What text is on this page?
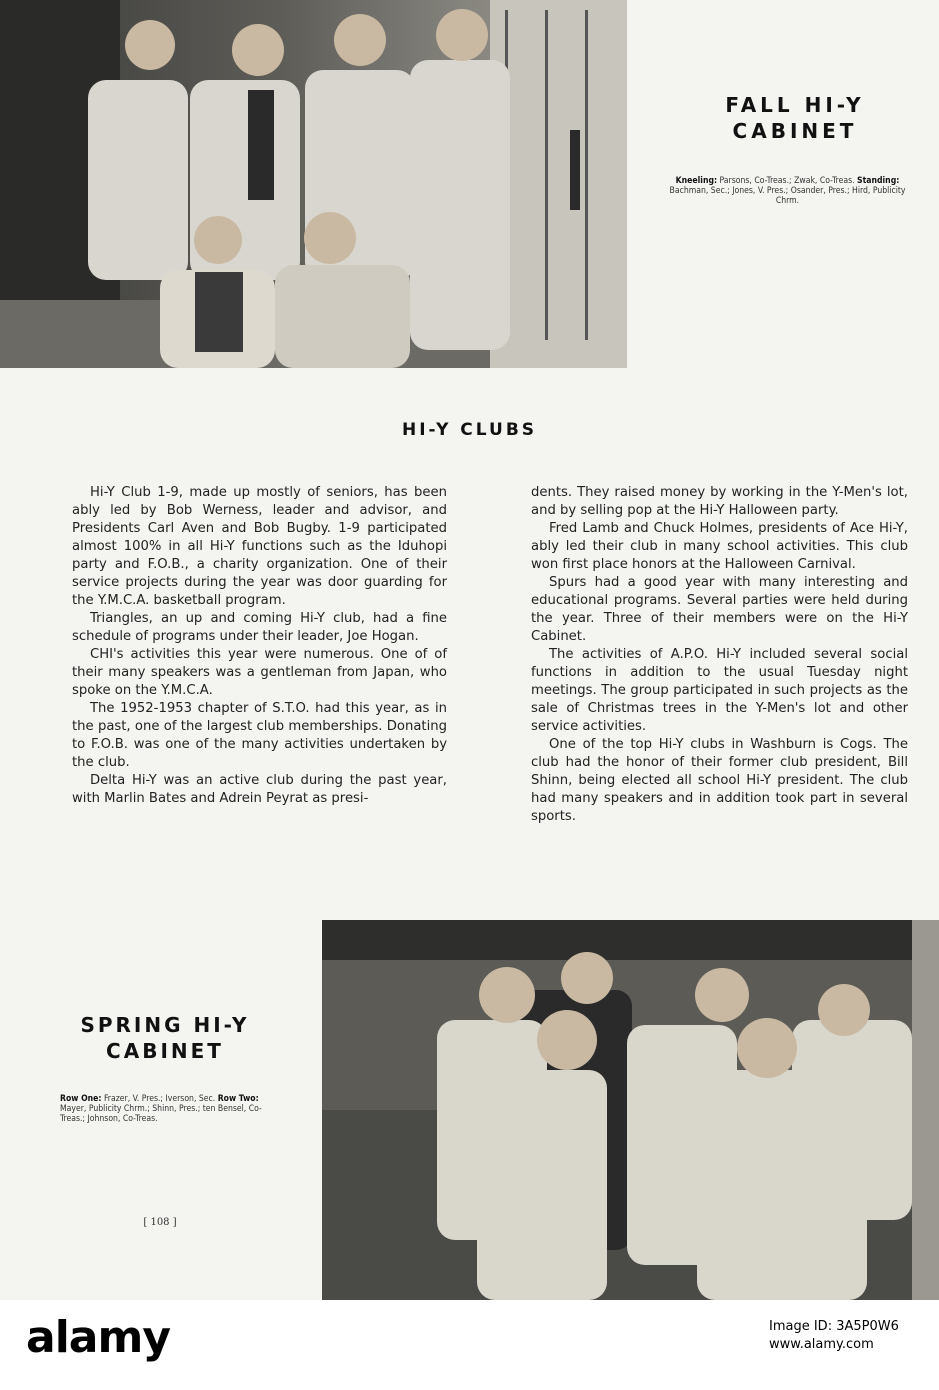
FALL HI-Y CABINET
Kneeling: Parsons, Co-Treas.; Zwak, Co-Treas. Standing: Bachman, Sec.; Jones, V. Pres.; Osander, Pres.; Hird, Publicity Chrm.
HI-Y CLUBS

Hi-Y Club 1-9, made up mostly of seniors, has been ably led by Bob Werness, leader and advisor, and Presidents Carl Aven and Bob Bugby. 1-9 participated almost 100% in all Hi-Y functions such as the Iduhopi party and F.O.B., a charity organization. One of their service projects during the year was door guarding for the Y.M.C.A. basketball program.

Triangles, an up and coming Hi-Y club, had a fine schedule of programs under their leader, Joe Hogan.

CHI's activities this year were numerous. One of of their many speakers was a gentleman from Japan, who spoke on the Y.M.C.A.

The 1952-1953 chapter of S.T.O. had this year, as in the past, one of the largest club memberships. Donating to F.O.B. was one of the many activities undertaken by the club.

Delta Hi-Y was an active club during the past year, with Marlin Bates and Adrein Peyrat as presi-

dents. They raised money by working in the Y-Men's lot, and by selling pop at the Hi-Y Halloween party.

Fred Lamb and Chuck Holmes, presidents of Ace Hi-Y, ably led their club in many school activities. This club won first place honors at the Halloween Carnival.

Spurs had a good year with many interesting and educational programs. Several parties were held during the year. Three of their members were on the Hi-Y Cabinet.

The activities of A.P.O. Hi-Y included several social functions in addition to the usual Tuesday night meetings. The group participated in such projects as the sale of Christmas trees in the Y-Men's lot and other service activities.

One of the top Hi-Y clubs in Washburn is Cogs. The club had the honor of their former club president, Bill Shinn, being elected all school Hi-Y president. The club had many speakers and in addition took part in several sports.

SPRING HI-Y CABINET
Row One: Frazer, V. Pres.; Iverson, Sec. Row Two: Mayer, Publicity Chrm.; Shinn, Pres.; ten Bensel, Co-Treas.; Johnson, Co-Treas.
[ 108 ]
alamy	Image ID: 3A5P0W6
www.alamy.com
